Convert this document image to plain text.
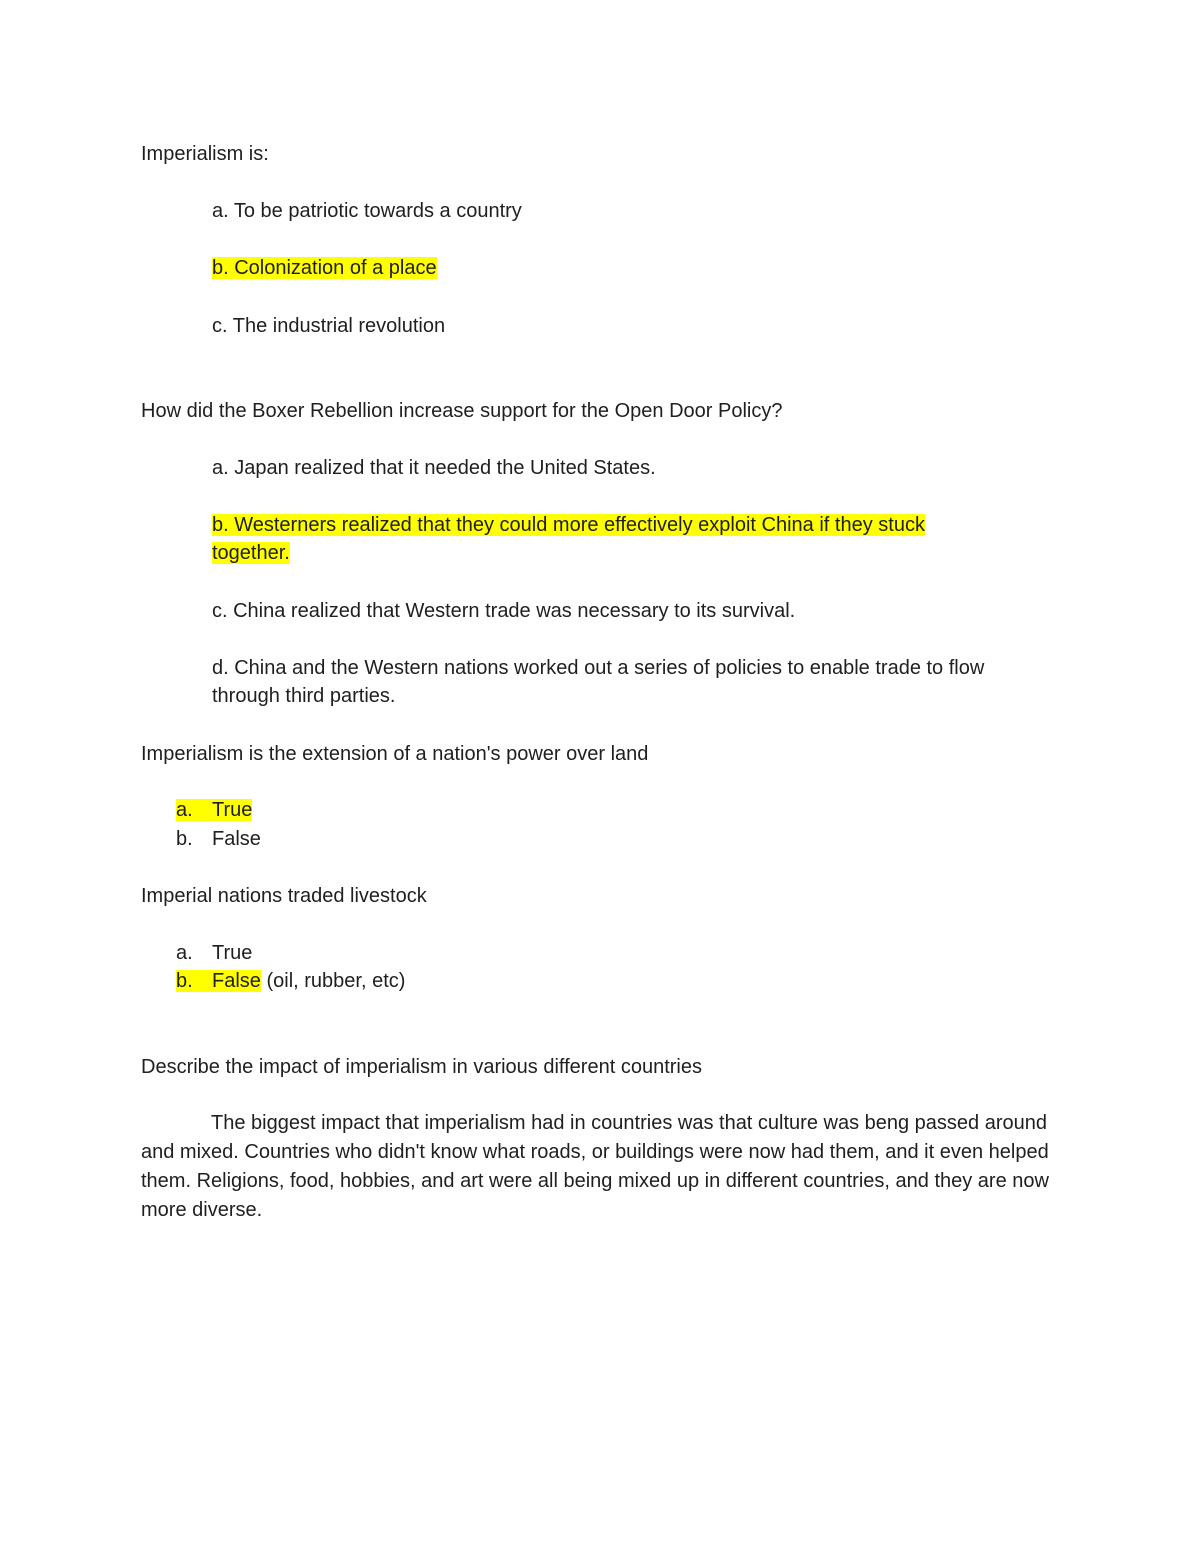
Imperialism is:
a. To be patriotic towards a country
b. Colonization of a place
c. The industrial revolution
How did the Boxer Rebellion increase support for the Open Door Policy?
a. Japan realized that it needed the United States.
b. Westerners realized that they could more effectively exploit China if they stuck
together.
c. China realized that Western trade was necessary to its survival.
d. China and the Western nations worked out a series of policies to enable trade to flow
through third parties.
Imperialism is the extension of a nation's power over land
a. True
b. False
Imperial nations traded livestock
a. True
b. False (oil, rubber, etc)
Describe the impact of imperialism in various different countries
The biggest impact that imperialism had in countries was that culture was beng passed around and mixed. Countries who didn't know what roads, or buildings were now had them, and it even helped them. Religions, food, hobbies, and art were all being mixed up in different countries, and they are now more diverse.
